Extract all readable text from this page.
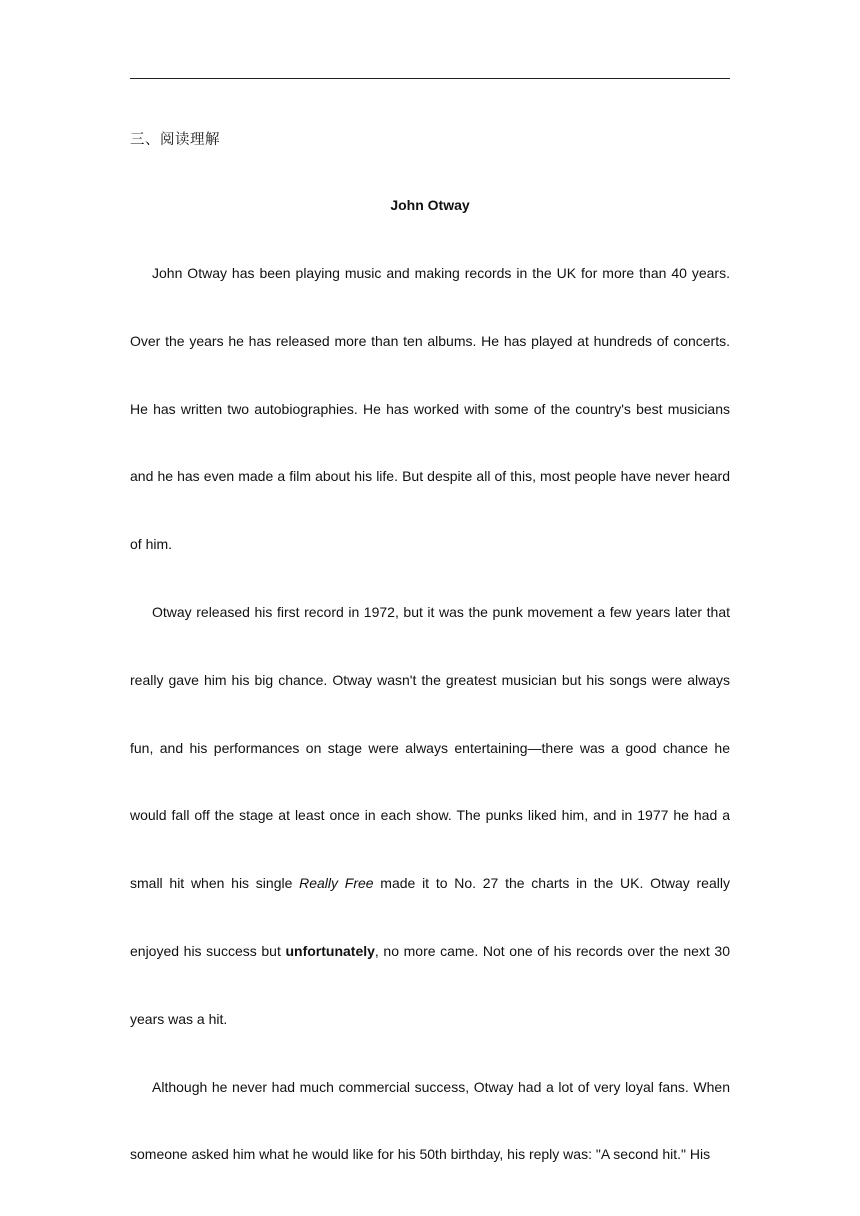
三、阅读理解
John Otway

John Otway has been playing music and making records in the UK for more than 40 years. Over the years he has released more than ten albums. He has played at hundreds of concerts. He has written two autobiographies. He has worked with some of the country's best musicians and he has even made a film about his life. But despite all of this, most people have never heard of him.

Otway released his first record in 1972, but it was the punk movement a few years later that really gave him his big chance. Otway wasn't the greatest musician but his songs were always fun, and his performances on stage were always entertaining—there was a good chance he would fall off the stage at least once in each show. The punks liked him, and in 1977 he had a small hit when his single Really Free made it to No. 27 the charts in the UK. Otway really enjoyed his success but unfortunately, no more came. Not one of his records over the next 30 years was a hit.

Although he never had much commercial success, Otway had a lot of very loyal fans. When someone asked him what he would like for his 50th birthday, his reply was: "A second hit." His
